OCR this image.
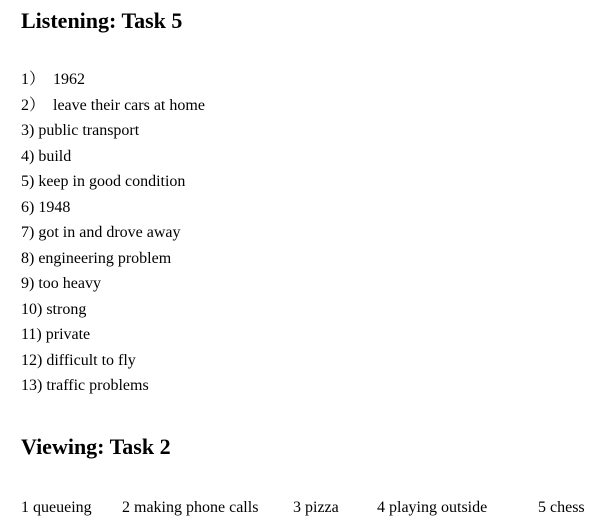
Listening: Task 5
1）  1962
2）  leave their cars at home
3) public transport
4) build
5) keep in good condition
6) 1948
7) got in and drove away
8) engineering problem
9) too heavy
10) strong
11) private
12) difficult to fly
13) traffic problems
Viewing: Task 2
1 queueing 2 making phone calls 3 pizza 4 playing outside	5 chess
